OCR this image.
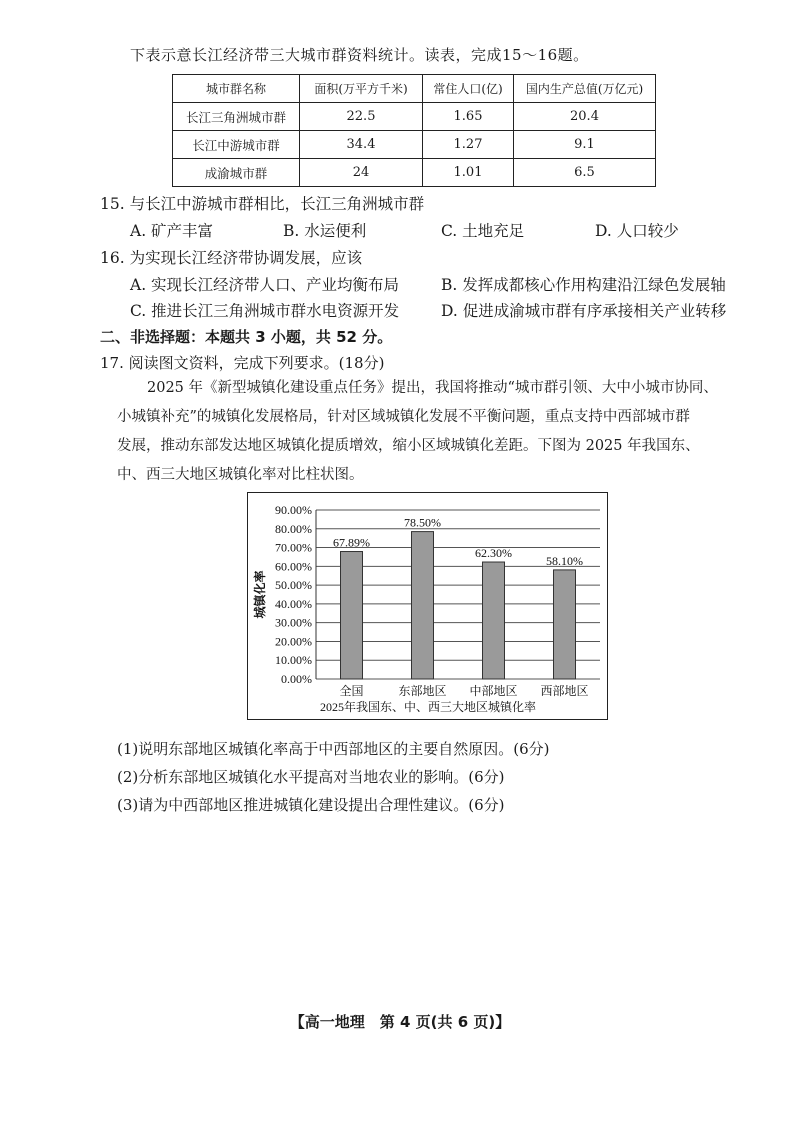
下表示意长江经济带三大城市群资料统计。读表，完成15～16题。
城市群名称	面积(万平方千米)	常住人口(亿)	国内生产总值(万亿元)
长江三角洲城市群	22.5	1.65	20.4
长江中游城市群	34.4	1.27	9.1
成渝城市群	24	1.01	6.5
15. 与长江中游城市群相比，长江三角洲城市群
A. 矿产丰富	B. 水运便利	C. 土地充足	D. 人口较少
16. 为实现长江经济带协调发展，应该
A. 实现长江经济带人口、产业均衡布局	B. 发挥成都核心作用构建沿江绿色发展轴
C. 推进长江三角洲城市群水电资源开发	D. 促进成渝城市群有序承接相关产业转移
二、非选择题：本题共 3 小题，共 52 分。
17. 阅读图文资料，完成下列要求。(18分)
2025 年《新型城镇化建设重点任务》提出，我国将推动“城市群引领、大中小城市协同、
小城镇补充”的城镇化发展格局，针对区域城镇化发展不平衡问题，重点支持中西部城市群
发展，推动东部发达地区城镇化提质增效，缩小区域城镇化差距。下图为 2025 年我国东、
中、西三大地区城镇化率对比柱状图。
0.00%
10.00%
20.00%
30.00%
40.00%
50.00%
60.00%
70.00%
80.00%
90.00%
城镇化率
67.89%
全国
78.50%
东部地区
62.30%
中部地区
58.10%
西部地区
2025年我国东、中、西三大地区城镇化率
(1)说明东部地区城镇化率高于中西部地区的主要自然原因。(6分)
(2)分析东部地区城镇化水平提高对当地农业的影响。(6分)
(3)请为中西部地区推进城镇化建设提出合理性建议。(6分)
【高一地理　第 4 页(共 6 页)】
